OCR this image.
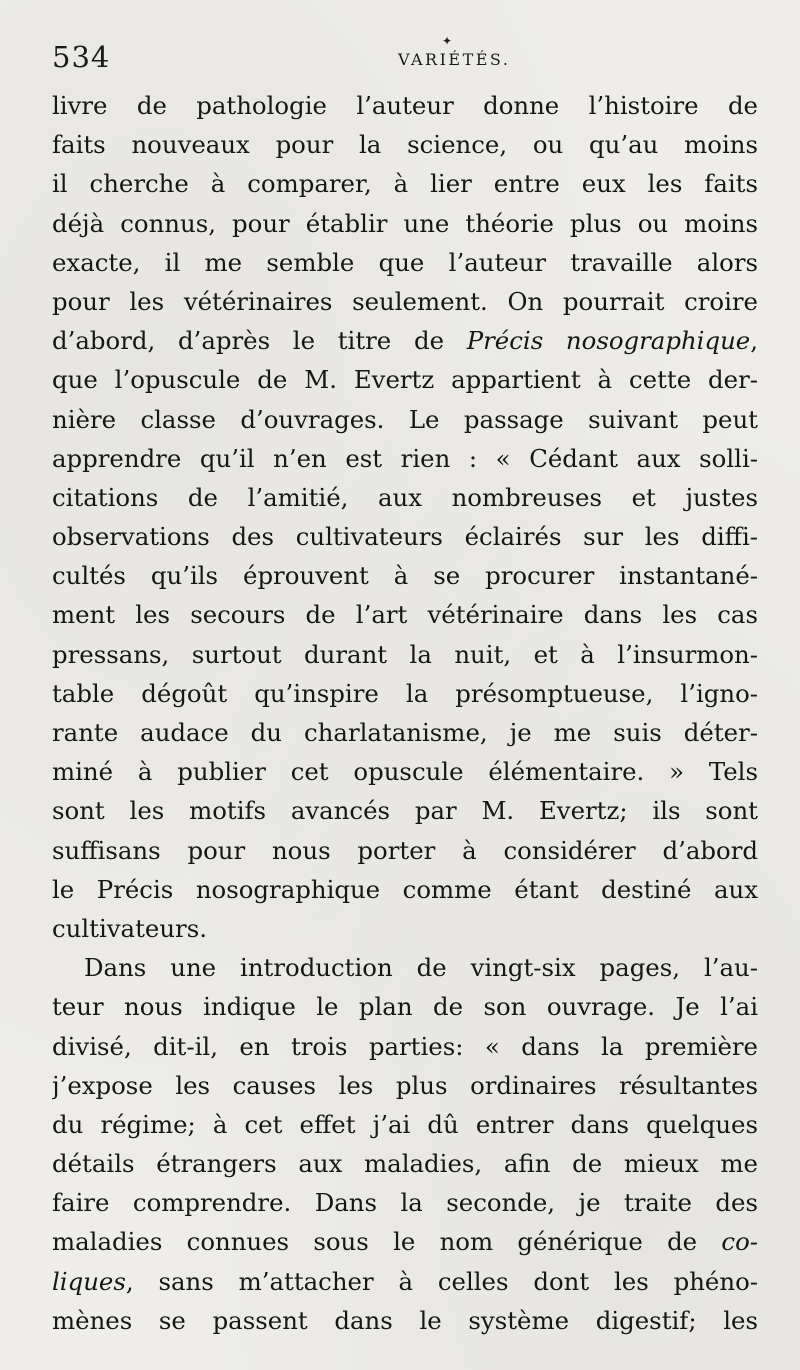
✦
534	VARIÉTÉS.
livre de pathologie l’auteur donne l’histoire de
faits nouveaux pour la science, ou qu’au moins
il cherche à comparer, à lier entre eux les faits
déjà connus, pour établir une théorie plus ou moins
exacte, il me semble que l’auteur travaille alors
pour les vétérinaires seulement. On pourrait croire
d’abord, d’après le titre de Précis nosographique,
que l’opuscule de M. Evertz appartient à cette der-
nière classe d’ouvrages. Le passage suivant peut
apprendre qu’il n’en est rien : « Cédant aux solli-
citations de l’amitié, aux nombreuses et justes
observations des cultivateurs éclairés sur les diffi-
cultés qu’ils éprouvent à se procurer instantané-
ment les secours de l’art vétérinaire dans les cas
pressans, surtout durant la nuit, et à l’insurmon-
table dégoût qu’inspire la présomptueuse, l’igno-
rante audace du charlatanisme, je me suis déter-
miné à publier cet opuscule élémentaire. » Tels
sont les motifs avancés par M. Evertz; ils sont
suffisans pour nous porter à considérer d’abord
le Précis nosographique comme étant destiné aux
cultivateurs.
Dans une introduction de vingt-six pages, l’au-
teur nous indique le plan de son ouvrage. Je l’ai
divisé, dit-il, en trois parties: « dans la première
j’expose les causes les plus ordinaires résultantes
du régime; à cet effet j’ai dû entrer dans quelques
détails étrangers aux maladies, afin de mieux me
faire comprendre. Dans la seconde, je traite des
maladies connues sous le nom générique de co-
liques, sans m’attacher à celles dont les phéno-
mènes se passent dans le système digestif; les
